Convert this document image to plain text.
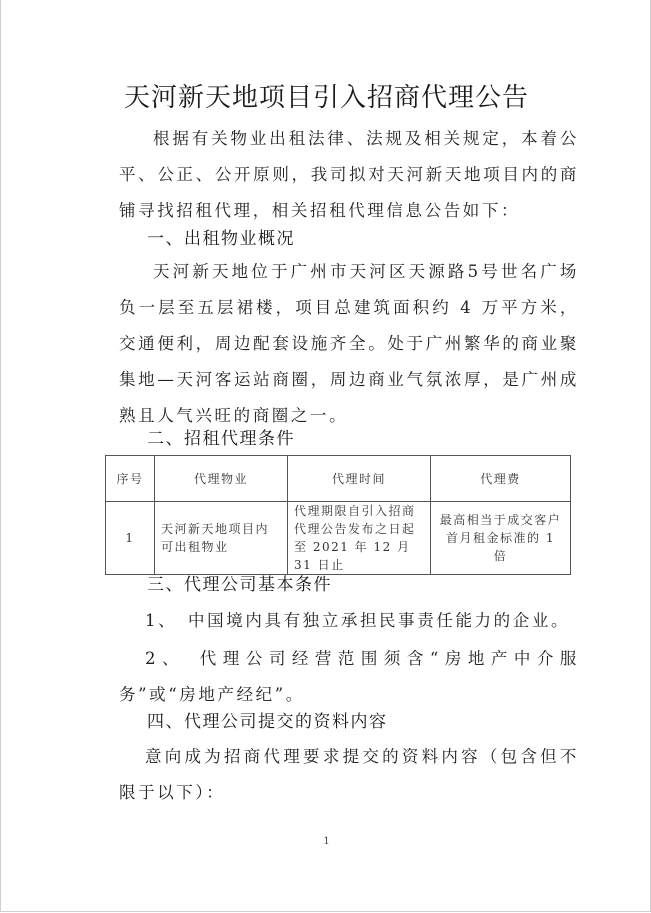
天河新天地项目引入招商代理公告
根据有关物业出租法律、法规及相关规定，本着公平、公正、公开原则，我司拟对天河新天地项目内的商铺寻找招租代理，相关招租代理信息公告如下：
一、出租物业概况
天河新天地位于广州市天河区天源路5号世名广场负一层至五层裙楼，项目总建筑面积约 4 万平方米，交通便利，周边配套设施齐全。处于广州繁华的商业聚集地—天河客运站商圈，周边商业气氛浓厚，是广州成熟且人气兴旺的商圈之一。
二、招租代理条件
序号	代理物业	代理时间	代理费
1	天河新天地项目内可出租物业	代理期限自引入招商代理公告发布之日起至 2021 年 12 月 31 日止	最高相当于成交客户首月租金标准的 1 倍
三、代理公司基本条件
1、　中国境内具有独立承担民事责任能力的企业。
2、　代理公司经营范围须含“房地产中介服务”或“房地产经纪”。
四、代理公司提交的资料内容
意向成为招商代理要求提交的资料内容（包含但不限于以下）：
1
